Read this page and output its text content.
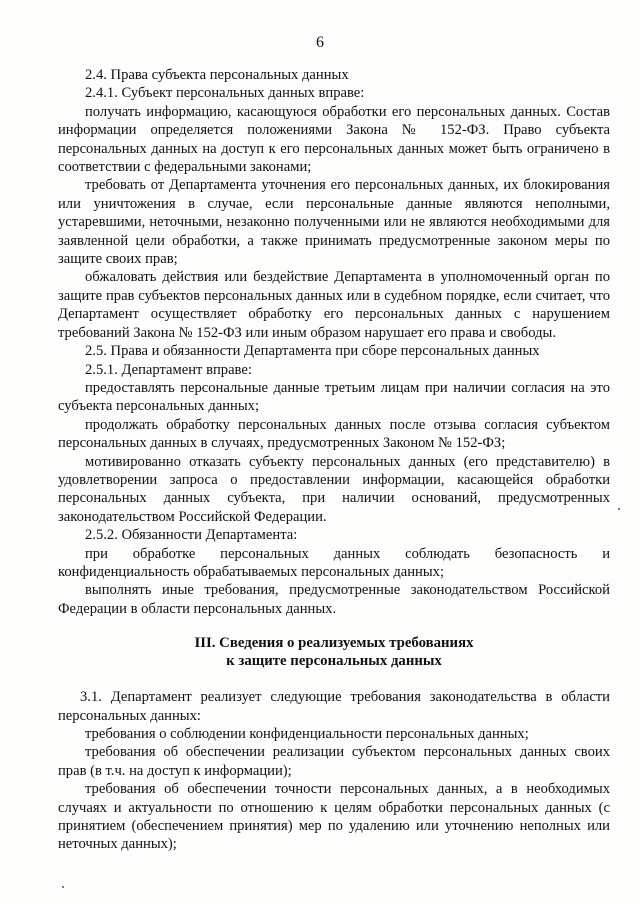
6

2.4. Права субъекта персональных данных

2.4.1. Субъект персональных данных вправе:

получать информацию, касающуюся обработки его персональных данных. Состав информации определяется положениями Закона № 152-ФЗ. Право субъекта персональных данных на доступ к его персональных данных может быть ограничено в соответствии с федеральными законами;

требовать от Департамента уточнения его персональных данных, их блокирования или уничтожения в случае, если персональные данные являются неполными, устаревшими, неточными, незаконно полученными или не являются необходимыми для заявленной цели обработки, а также принимать предусмотренные законом меры по защите своих прав;

обжаловать действия или бездействие Департамента в уполномоченный орган по защите прав субъектов персональных данных или в судебном порядке, если считает, что Департамент осуществляет обработку его персональных данных с нарушением требований Закона № 152-ФЗ или иным образом нарушает его права и свободы.

2.5. Права и обязанности Департамента при сборе персональных данных

2.5.1. Департамент вправе:

предоставлять персональные данные третьим лицам при наличии согласия на это субъекта персональных данных;

продолжать обработку персональных данных после отзыва согласия субъектом персональных данных в случаях, предусмотренных Законом № 152-ФЗ;

мотивированно отказать субъекту персональных данных (его представителю) в удовлетворении запроса о предоставлении информации, касающейся обработки персональных данных субъекта, при наличии оснований, предусмотренных законодательством Российской Федерации.

2.5.2. Обязанности Департамента:

при обработке персональных данных соблюдать безопасность и конфиденциальность обрабатываемых персональных данных;

выполнять иные требования, предусмотренные законодательством Российской Федерации в области персональных данных.

III. Сведения о реализуемых требованиях
к защите персональных данных

3.1. Департамент реализует следующие требования законодательства в области персональных данных:

требования о соблюдении конфиденциальности персональных данных;

требования об обеспечении реализации субъектом персональных данных своих прав (в т.ч. на доступ к информации);

требования об обеспечении точности персональных данных, а в необходимых случаях и актуальности по отношению к целям обработки персональных данных (с принятием (обеспечением принятия) мер по удалению или уточнению неполных или неточных данных);
